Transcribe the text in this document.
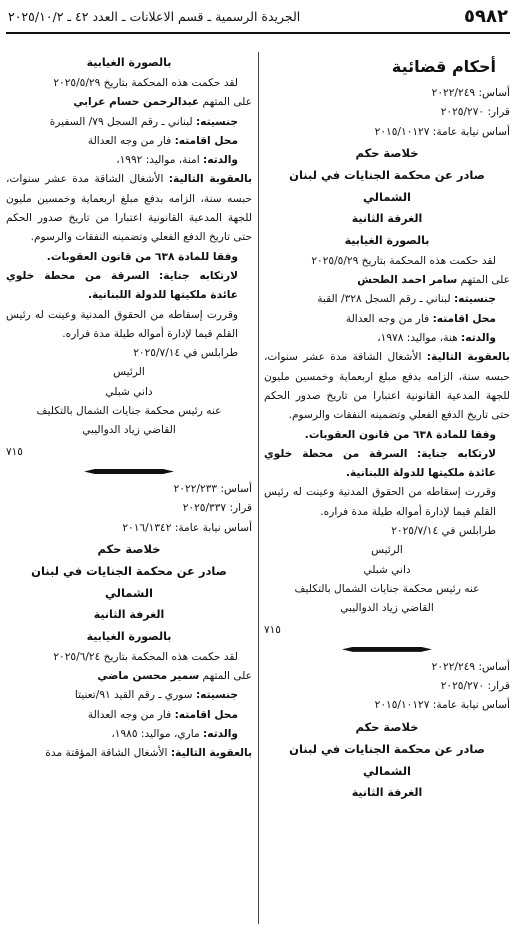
٥٩٨٢
الجريدة الرسمية ـ قسم الاعلانات ـ العدد ٤٢ ـ ٢٠٢٥/١٠/٢
أحكام قضائية
أساس: ٢٠٢٢/٢٤٩
قرار: ٢٠٢٥/٢٧٠
أساس نيابة عامة: ٢٠١٥/١٠١٢٧
خلاصة حكم
صادر عن محكمة الجنايات في لبنان الشمالي
الغرفة الثانية
بالصورة الغيابية
لقد حكمت هذه المحكمة بتاريخ ٢٠٢٥/٥/٢٩
على المتهم سامر احمد الطحش
جنسيته: لبناني ـ رقم السجل ٣٢٨/ القبة
محل اقامته: فار من وجه العدالة
والدته: هنة، مواليد: ١٩٧٨،
بالعقوبة التالية: الأشغال الشاقة مدة عشر سنوات، حبسه سنة، الزامه بدفع مبلغ اربعماية وخمسين مليون للجهة المدعية القانونية اعتبارا من تاريخ صدور الحكم حتى تاريخ الدفع الفعلي وتضمينه النفقات والرسوم.
وفقا للمادة ٦٣٨ من قانون العقوبات.
لارتكابه جناية: السرقة من محطة خلوي عائدة ملكيتها للدولة اللبنانية.
وقررت إسقاطه من الحقوق المدنية وعينت له رئيس القلم قيما لإدارة أمواله طيلة مدة فراره.
طرابلس في ٢٠٢٥/٧/١٤
الرئيس
داني شبلي
عنه رئيس محكمة جنايات الشمال بالتكليف
القاضي زياد الدواليبي
٧١٥
أساس: ٢٠٢٢/٢٤٩
قرار: ٢٠٢٥/٢٧٠
أساس نيابة عامة: ٢٠١٥/١٠١٢٧
خلاصة حكم
صادر عن محكمة الجنايات في لبنان الشمالي
الغرفة الثانية
بالصورة الغيابية
لقد حكمت هذه المحكمة بتاريخ ٢٠٢٥/٥/٢٩
على المتهم عبدالرحمن حسام عرابي
جنسيته: لبناني ـ رقم السجل ٧٩/ السفيرة
محل اقامته: فار من وجه العدالة
والدته: امنة، مواليد: ١٩٩٢،
بالعقوبة التالية: الأشغال الشاقة مدة عشر سنوات، حبسه سنة، الزامه بدفع مبلغ اربعماية وخمسين مليون للجهة المدعية القانونية اعتبارا من تاريخ صدور الحكم حتى تاريخ الدفع الفعلي وتضمينه النفقات والرسوم.
وفقا للمادة ٦٣٨ من قانون العقوبات.
لارتكابه جناية: السرقة من محطة خلوي عائدة ملكيتها للدولة اللبنانية.
وقررت إسقاطه من الحقوق المدنية وعينت له رئيس القلم قيما لإدارة أمواله طيلة مدة فراره.
طرابلس في ٢٠٢٥/٧/١٤
الرئيس
داني شبلي
عنه رئيس محكمة جنايات الشمال بالتكليف
القاضي زياد الدواليبي
٧١٥
أساس: ٢٠٢٢/٢٣٣
قرار: ٢٠٢٥/٣٣٧
أساس نيابة عامة: ٢٠١٦/١٣٤٢
خلاصة حكم
صادر عن محكمة الجنايات في لبنان الشمالي
الغرفة الثانية
بالصورة الغيابية
لقد حكمت هذه المحكمة بتاريخ ٢٠٢٥/٦/٢٤
على المتهم سمير محسن ماضي
جنسيته: سوري ـ رقم القيد ٩١/تعنيتا
محل اقامته: فار من وجه العدالة
والدته: ماري، مواليد: ١٩٨٥،
بالعقوبة التالية: الأشغال الشاقة المؤقتة مدة
